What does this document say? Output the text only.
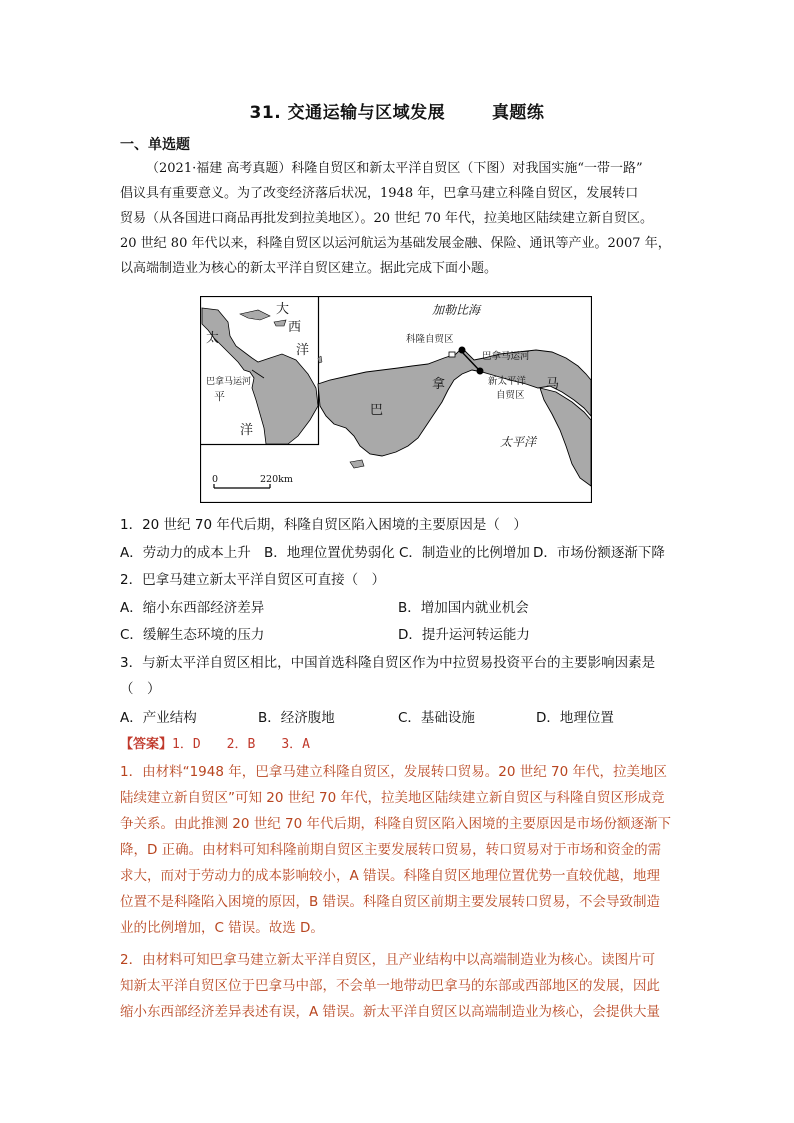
31. 交通运输与区域发展	真题练
一、单选题

（2021·福建 高考真题）科隆自贸区和新太平洋自贸区（下图）对我国实施“一带一路”

倡议具有重要意义。为了改变经济落后状况，1948 年，巴拿马建立科隆自贸区，发展转口

贸易（从各国进口商品再批发到拉美地区）。20 世纪 70 年代，拉美地区陆续建立新自贸区。

20 世纪 80 年代以来，科隆自贸区以运河航运为基础发展金融、保险、通讯等产业。2007 年，

以高端制造业为核心的新太平洋自贸区建立。据此完成下面小题。

大
西
洋
太
平
洋
巴拿马运河
加勒比海
科隆自贸区
巴拿马运河
新太平洋
自贸区
巴
拿	马
太平洋
0	220km
1．20 世纪 70 年代后期，科隆自贸区陷入困境的主要原因是（　）
A．劳动力的成本上升 B．地理位置优势弱化 C．制造业的比例增加 D．市场份额逐渐下降
2．巴拿马建立新太平洋自贸区可直接（　）
A．缩小东西部经济差异	B．增加国内就业机会
C．缓解生态环境的压力	D．提升运河转运能力
3．与新太平洋自贸区相比，中国首选科隆自贸区作为中拉贸易投资平台的主要影响因素是
（　）
A．产业结构	B．经济腹地	C．基础设施	D．地理位置
【答案】1．D　　2．B　　3．A
1．由材料“1948 年，巴拿马建立科隆自贸区，发展转口贸易。20 世纪 70 年代，拉美地区
陆续建立新自贸区”可知 20 世纪 70 年代，拉美地区陆续建立新自贸区与科隆自贸区形成竞
争关系。由此推测 20 世纪 70 年代后期，科隆自贸区陷入困境的主要原因是市场份额逐渐下
降，D 正确。由材料可知科隆前期自贸区主要发展转口贸易，转口贸易对于市场和资金的需
求大，而对于劳动力的成本影响较小，A 错误。科隆自贸区地理位置优势一直较优越，地理
位置不是科隆陷入困境的原因，B 错误。科隆自贸区前期主要发展转口贸易，不会导致制造
业的比例增加，C 错误。故选 D。
2．由材料可知巴拿马建立新太平洋自贸区，且产业结构中以高端制造业为核心。读图片可
知新太平洋自贸区位于巴拿马中部，不会单一地带动巴拿马的东部或西部地区的发展，因此
缩小东西部经济差异表述有误，A 错误。新太平洋自贸区以高端制造业为核心，会提供大量
